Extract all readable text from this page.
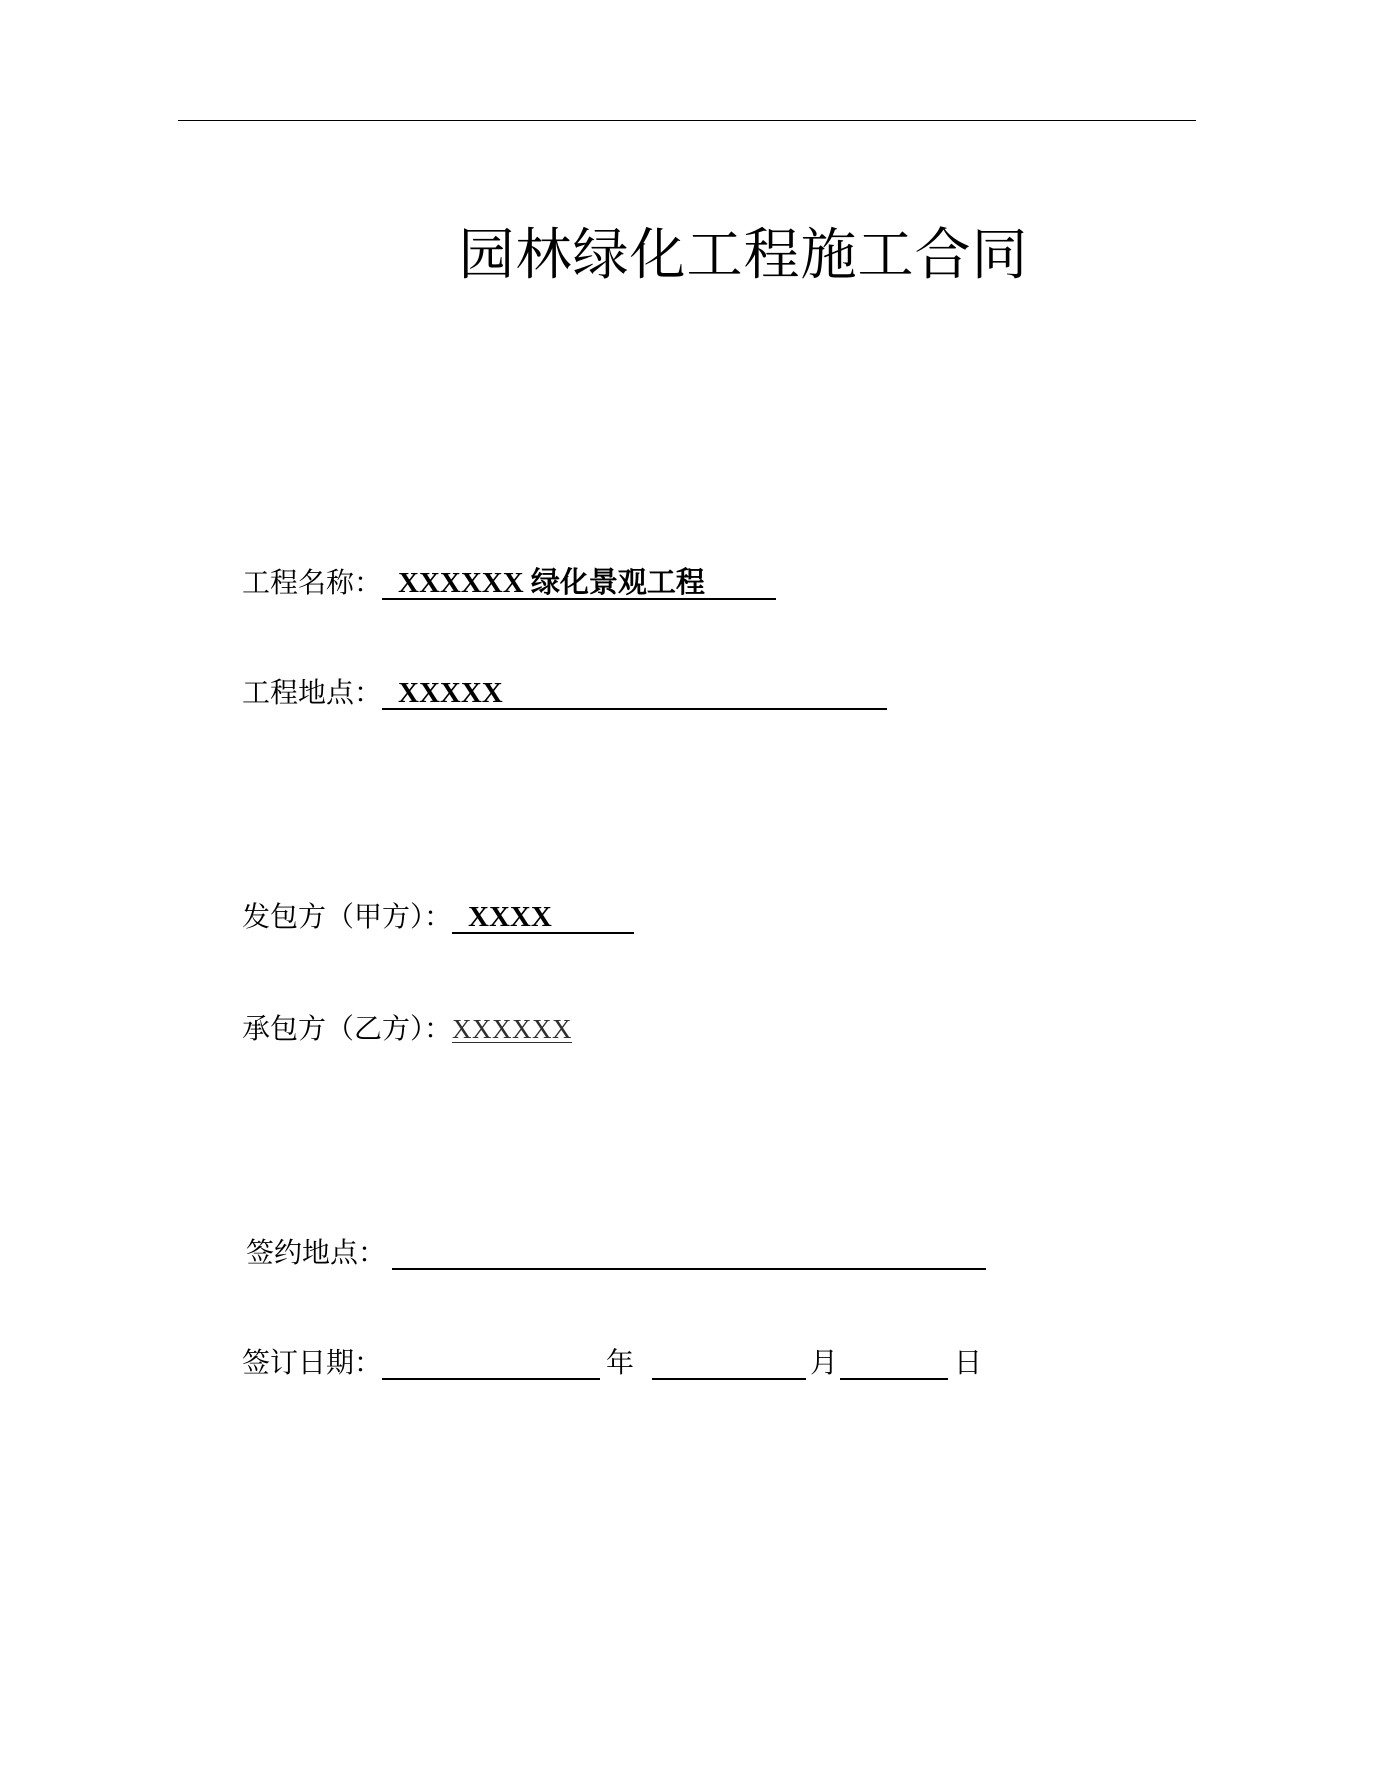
园林绿化工程施工合同
工程名称： XXXXXX 绿化景观工程
工程地点： XXXXX
发包方（甲方）： XXXX
承包方（乙方）： XXXXXX
签约地点：
签订日期：	年	月	日
